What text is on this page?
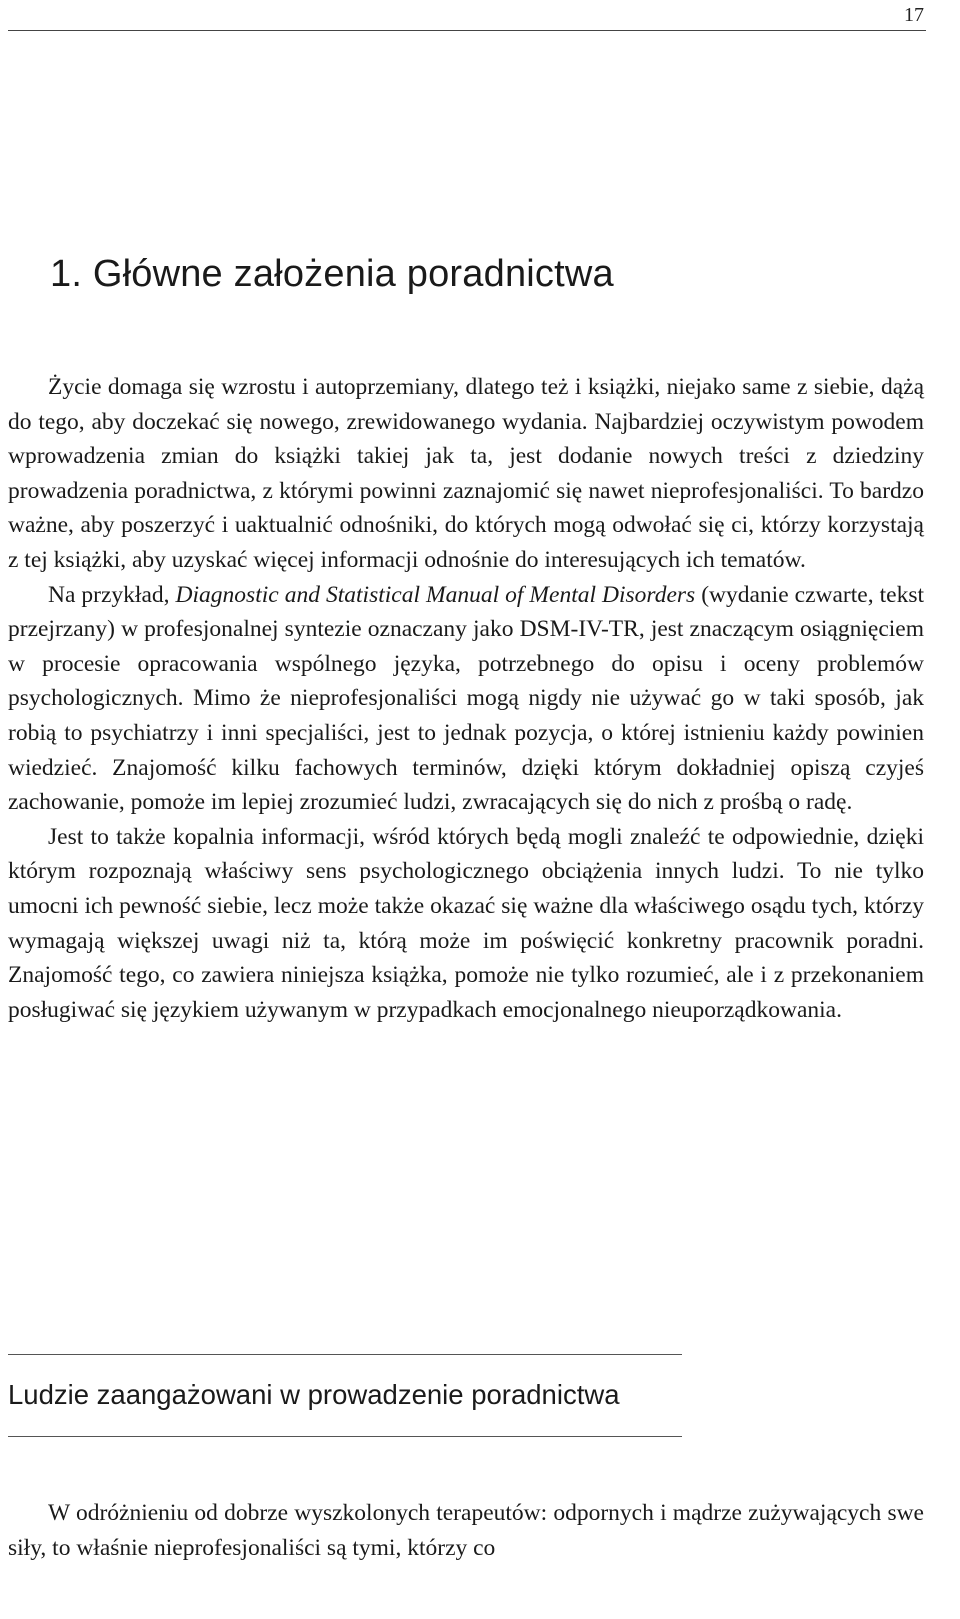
17
1. Główne założenia poradnictwa

Życie domaga się wzrostu i autoprzemiany, dlatego też i książki, niejako same z siebie, dążą do tego, aby doczekać się nowego, zrewidowanego wydania. Najbardziej oczywistym powodem wprowadzenia zmian do książki takiej jak ta, jest dodanie nowych treści z dziedziny prowadzenia poradnictwa, z którymi powinni zaznajomić się nawet nieprofesjonaliści. To bardzo ważne, aby poszerzyć i uaktualnić odnośniki, do których mogą odwołać się ci, którzy korzystają z tej książki, aby uzyskać więcej informacji odnośnie do interesujących ich tematów.

Na przykład, Diagnostic and Statistical Manual of Mental Disorders (wydanie czwarte, tekst przejrzany) w profesjonalnej syntezie oznaczany jako DSM-IV-TR, jest znaczącym osiągnięciem w procesie opracowania wspólnego języka, potrzebnego do opisu i oceny problemów psychologicznych. Mimo że nieprofesjonaliści mogą nigdy nie używać go w taki sposób, jak robią to psychiatrzy i inni specjaliści, jest to jednak pozycja, o której istnieniu każdy powinien wiedzieć. Znajomość kilku fachowych terminów, dzięki którym dokładniej opiszą czyjeś zachowanie, pomoże im lepiej zrozumieć ludzi, zwracających się do nich z prośbą o radę.

Jest to także kopalnia informacji, wśród których będą mogli znaleźć te odpowiednie, dzięki którym rozpoznają właściwy sens psychologicznego obciążenia innych ludzi. To nie tylko umocni ich pewność siebie, lecz może także okazać się ważne dla właściwego osądu tych, którzy wymagają większej uwagi niż ta, którą może im poświęcić konkretny pracownik poradni. Znajomość tego, co zawiera niniejsza książka, pomoże nie tylko rozumieć, ale i z przekonaniem posługiwać się językiem używanym w przypadkach emocjonalnego nieuporządkowania.

Ludzie zaangażowani w prowadzenie poradnictwa

W odróżnieniu od dobrze wyszkolonych terapeutów: odpornych i mądrze zużywających swe siły, to właśnie nieprofesjonaliści są tymi, którzy co
